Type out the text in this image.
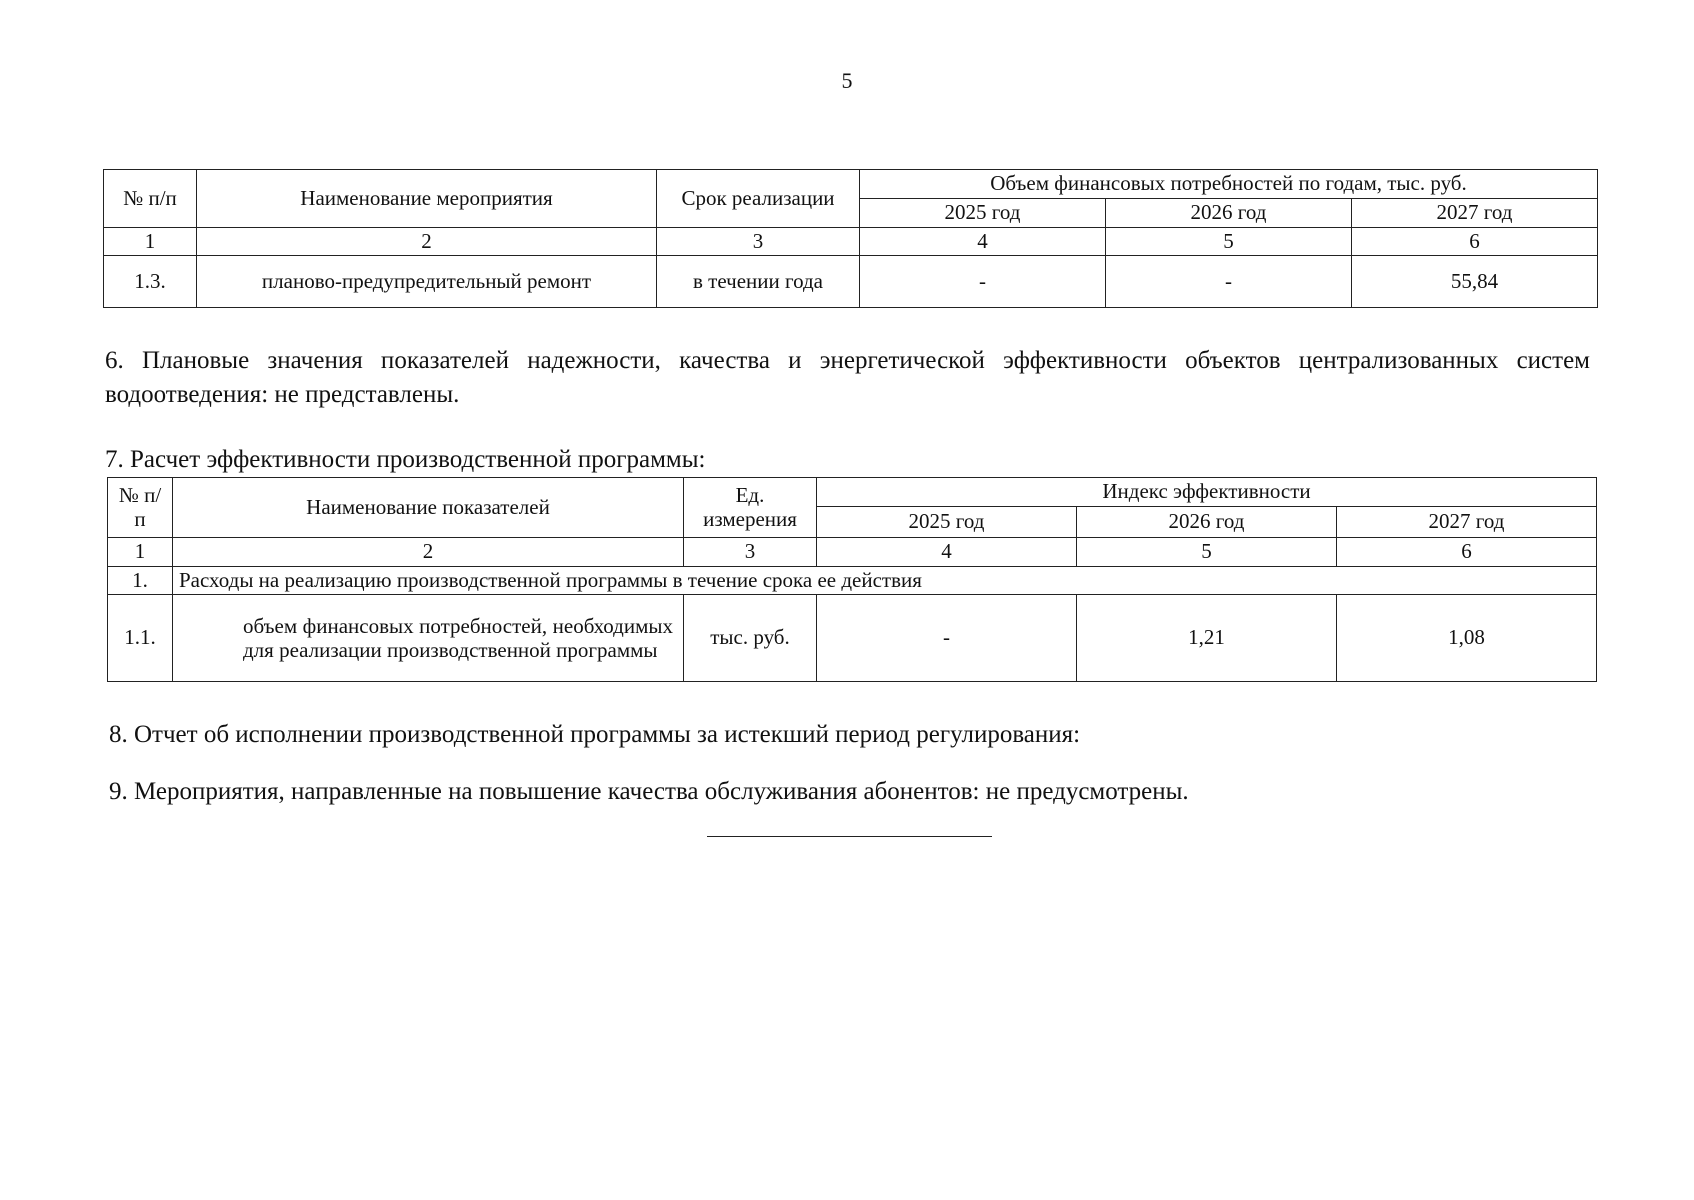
5
№ п/п	Наименование мероприятия	Срок реализации	Объем финансовых потребностей по годам, тыс. руб.		
			2025 год	2026 год	2027 год
1	2	3	4	5	6
1.3.	планово-предупредительный ремонт	в течении года	-	-	55,84
6. Плановые значения показателей надежности, качества и энергетической эффективности объектов централизованных систем водоотведения: не представлены.
7. Расчет эффективности производственной программы:
№ п/п	Наименование показателей	Ед. измерения	Индекс эффективности		
			2025 год	2026 год	2027 год
1	2	3	4	5	6
1.	Расходы на реализацию производственной программы в течение срока ее действия				
1.1.	объем финансовых потребностей, необходимых для реализации производственной программы	тыс. руб.	-	1,21	1,08
8. Отчет об исполнении производственной программы за истекший период регулирования:
9. Мероприятия, направленные на повышение качества обслуживания абонентов: не предусмотрены.
